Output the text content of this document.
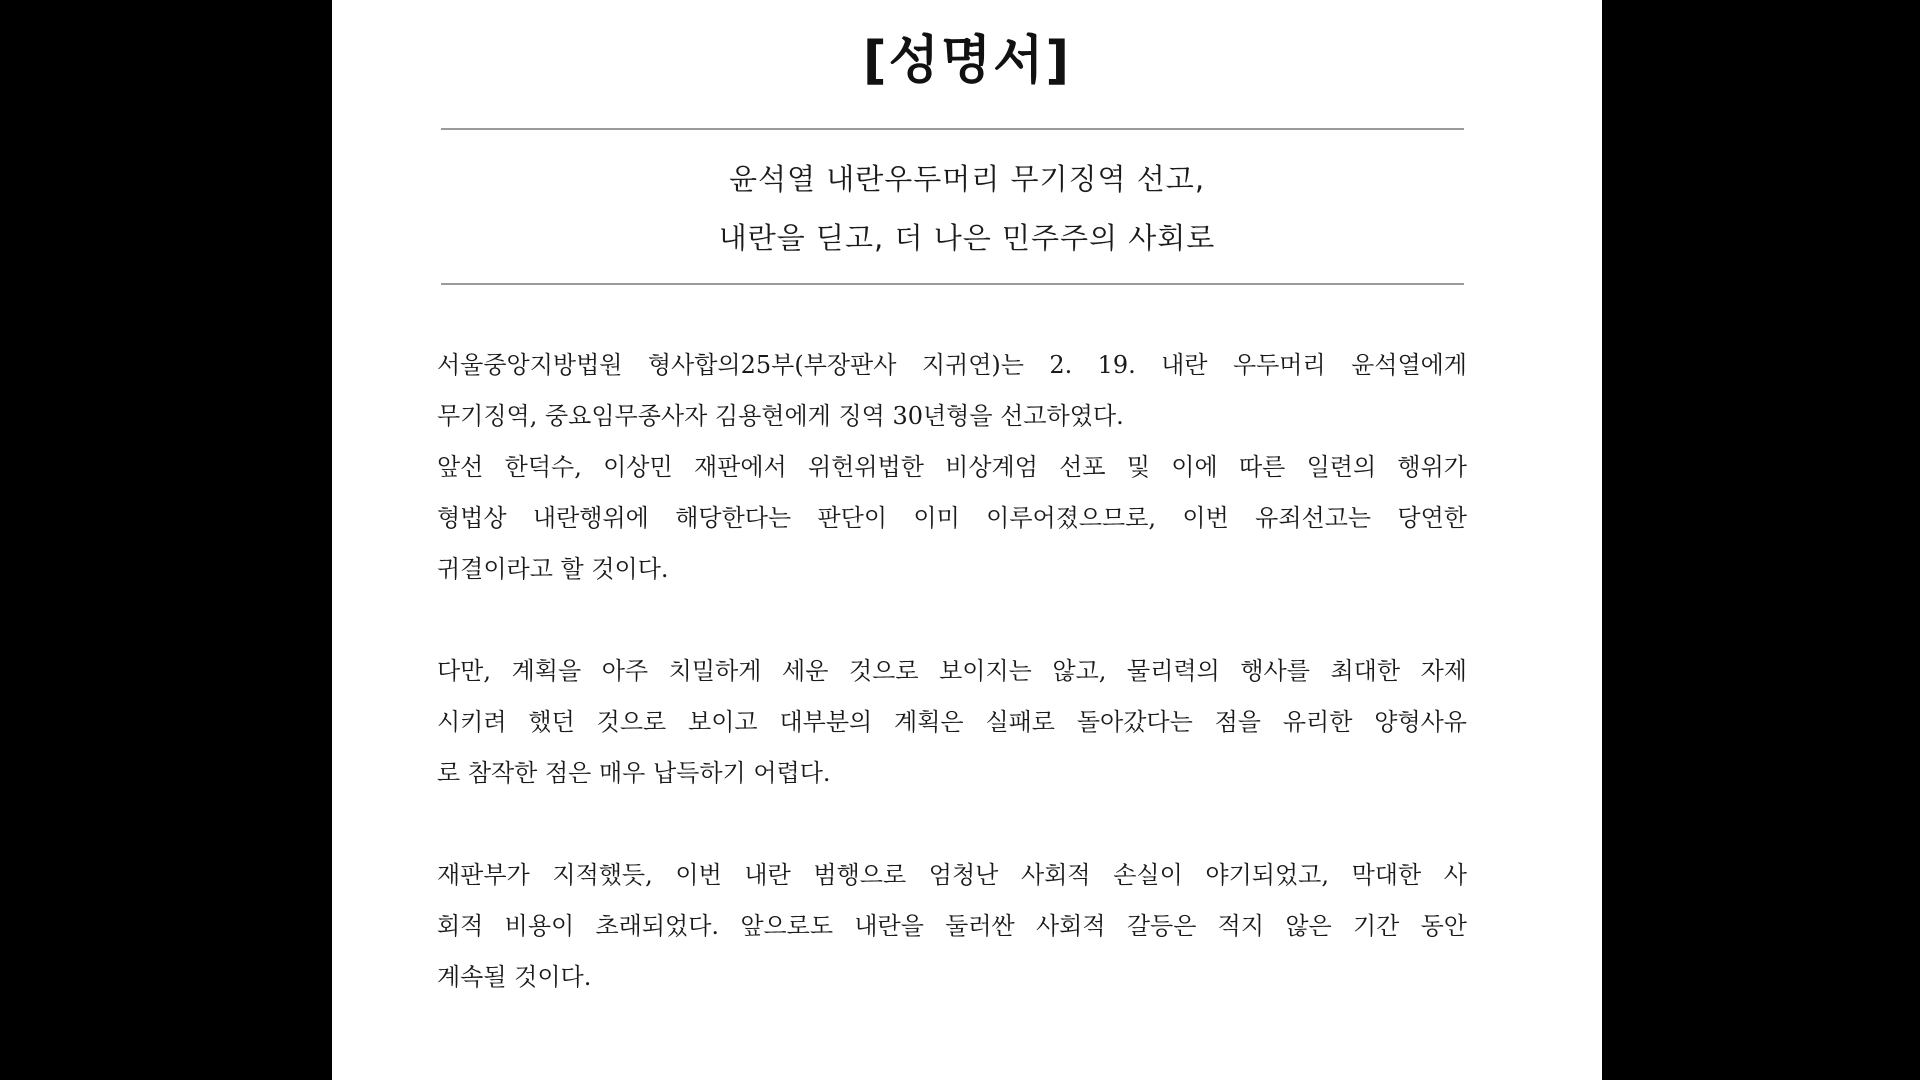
[성명서]
윤석열 내란우두머리 무기징역 선고,
내란을 딛고, 더 나은 민주주의 사회로
서울중앙지방법원 형사합의25부(부장판사 지귀연)는 2. 19. 내란 우두머리 윤석열에게
무기징역, 중요임무종사자 김용현에게 징역 30년형을 선고하였다.
앞선 한덕수, 이상민 재판에서 위헌위법한 비상계엄 선포 및 이에 따른 일련의 행위가
형법상 내란행위에 해당한다는 판단이 이미 이루어졌으므로, 이번 유죄선고는 당연한
귀결이라고 할 것이다.
다만, 계획을 아주 치밀하게 세운 것으로 보이지는 않고, 물리력의 행사를 최대한 자제
시키려 했던 것으로 보이고 대부분의 계획은 실패로 돌아갔다는 점을 유리한 양형사유
로 참작한 점은 매우 납득하기 어렵다.
재판부가 지적했듯, 이번 내란 범행으로 엄청난 사회적 손실이 야기되었고, 막대한 사
회적 비용이 초래되었다. 앞으로도 내란을 둘러싼 사회적 갈등은 적지 않은 기간 동안
계속될 것이다.
